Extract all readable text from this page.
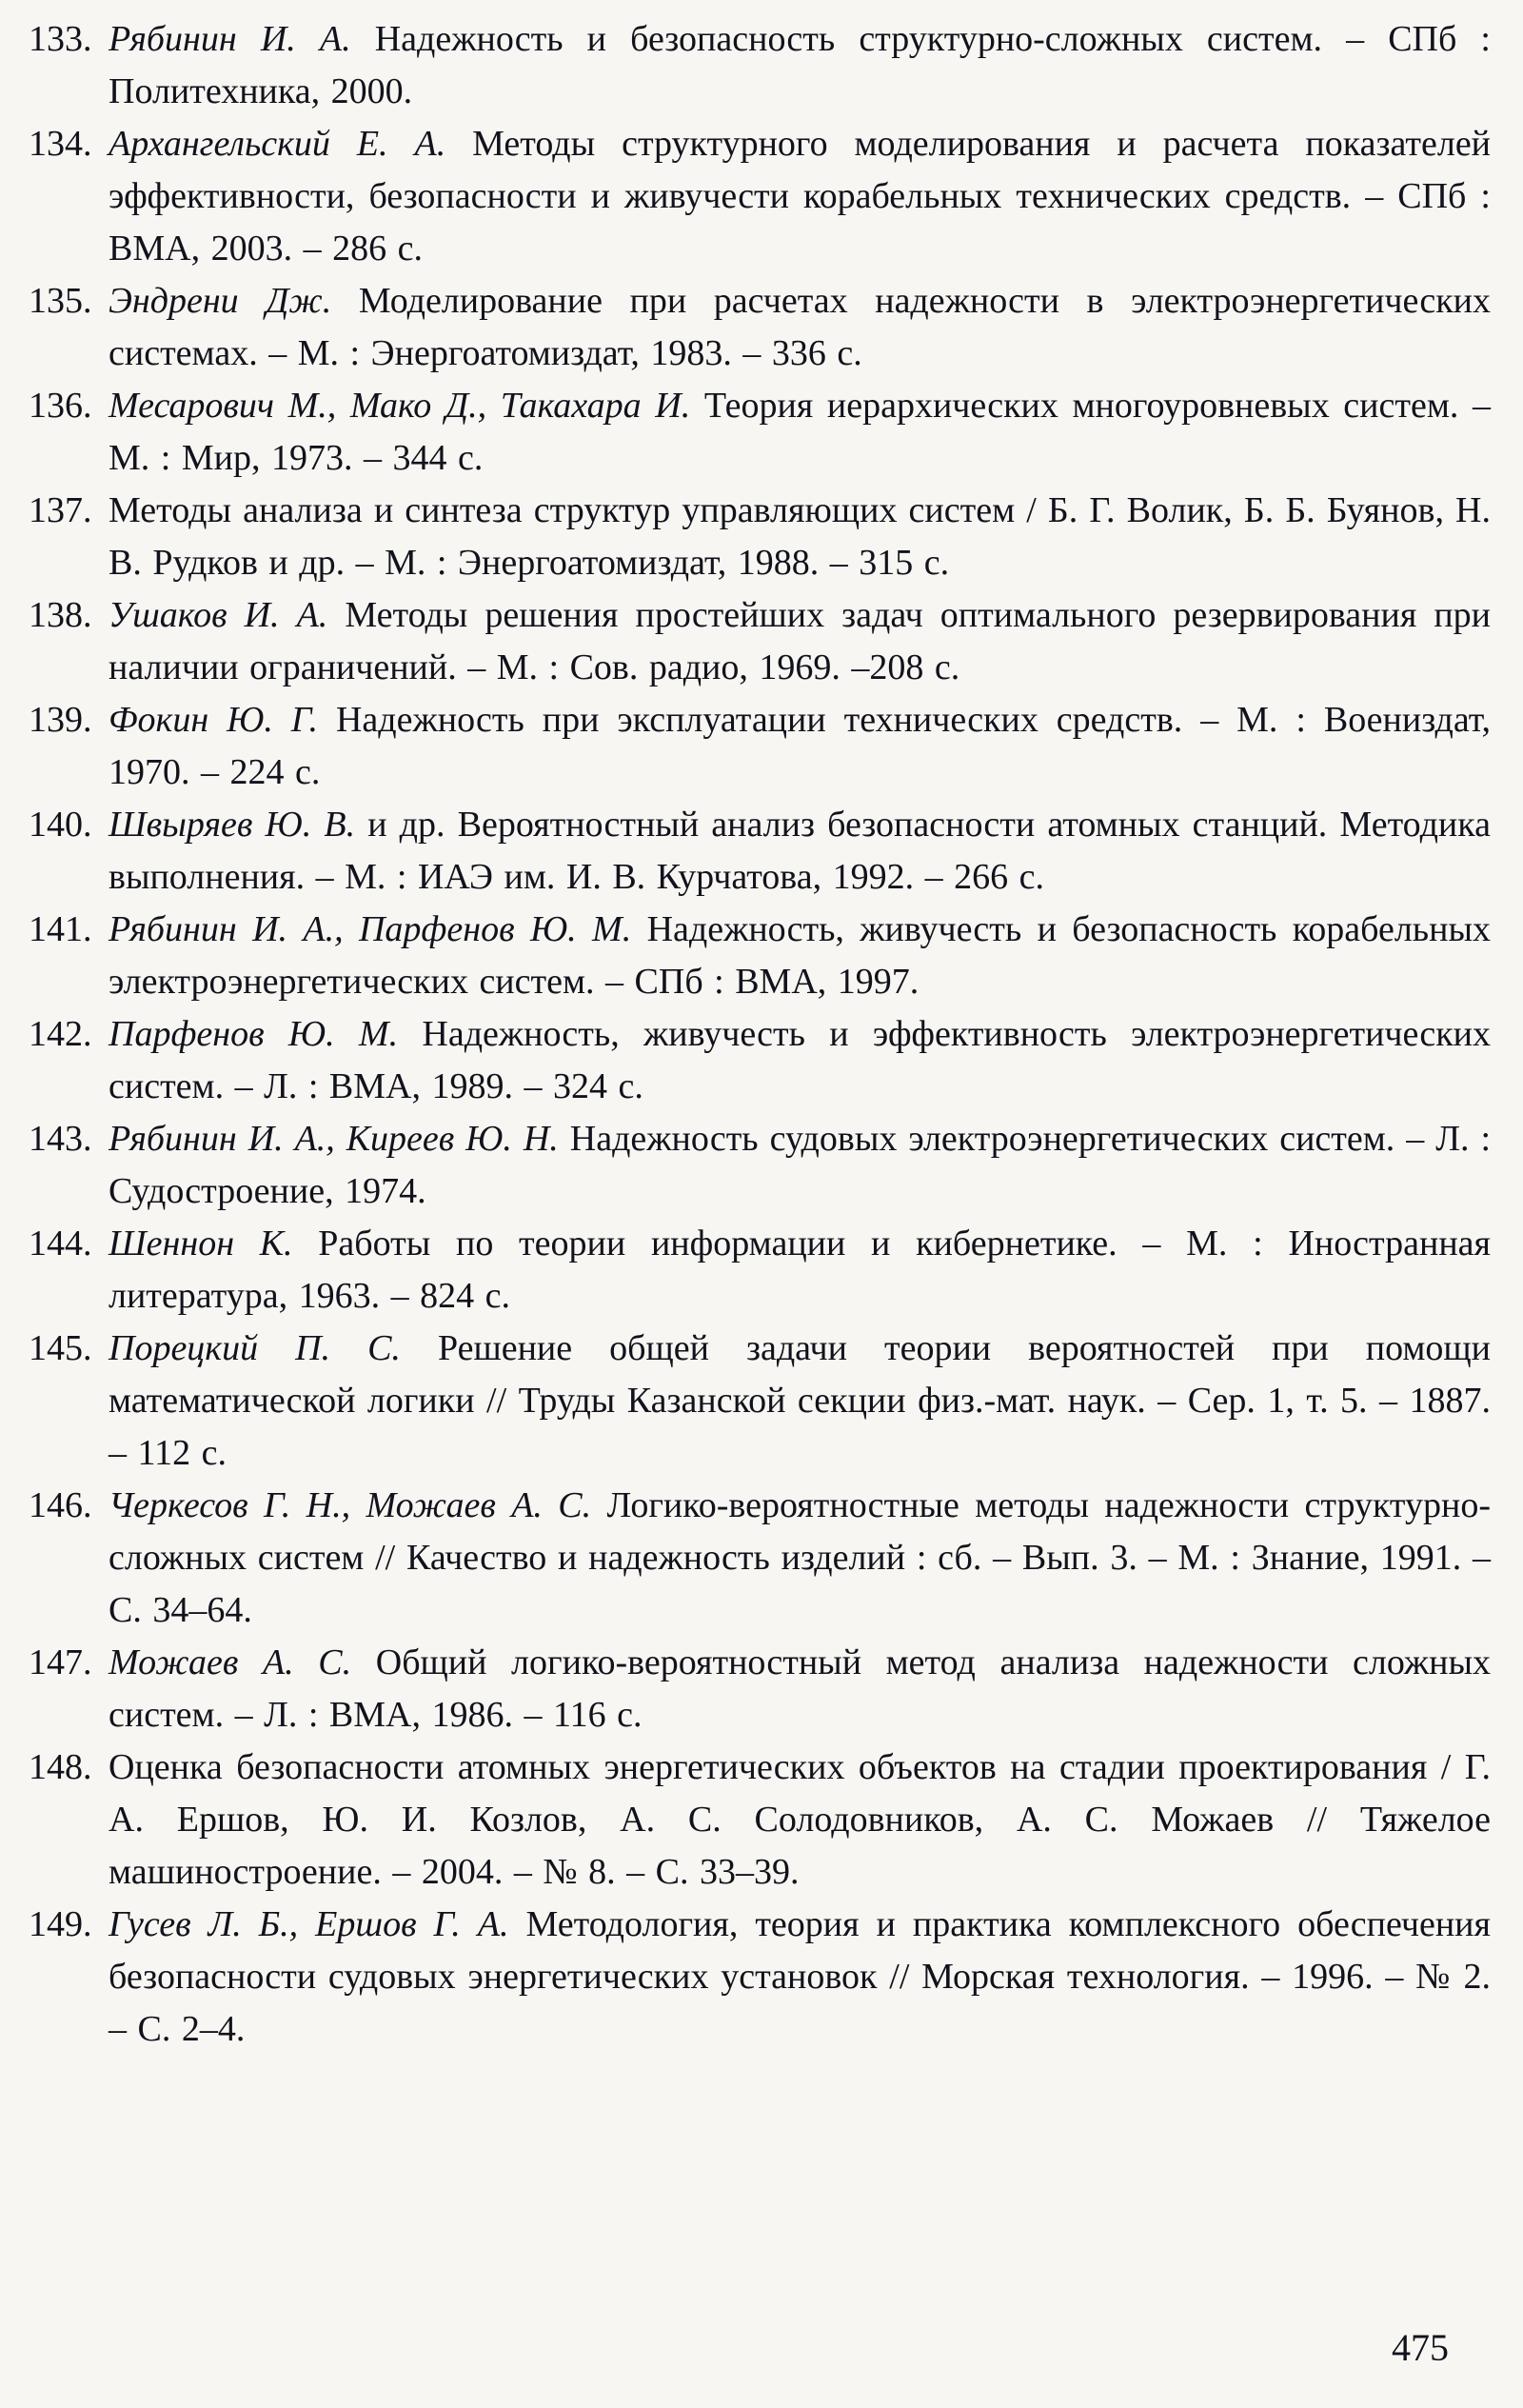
133. Рябинин И. А. Надежность и безопасность структурно-сложных систем. – СПб : Политехника, 2000.
134. Архангельский Е. А. Методы структурного моделирования и расчета показателей эффективности, безопасности и живучести корабельных технических средств. – СПб : ВМА, 2003. – 286 с.
135. Эндрени Дж. Моделирование при расчетах надежности в электроэнергетических системах. – М. : Энергоатомиздат, 1983. – 336 с.
136. Месарович М., Мако Д., Такахара И. Теория иерархических многоуровневых систем. – М. : Мир, 1973. – 344 с.
137. Методы анализа и синтеза структур управляющих систем / Б. Г. Волик, Б. Б. Буянов, Н. В. Рудков и др. – М. : Энергоатомиздат, 1988. – 315 с.
138. Ушаков И. А. Методы решения простейших задач оптимального резервирования при наличии ограничений. – М. : Сов. радио, 1969. –208 с.
139. Фокин Ю. Г. Надежность при эксплуатации технических средств. – М. : Воениздат, 1970. – 224 с.
140. Швыряев Ю. В. и др. Вероятностный анализ безопасности атомных станций. Методика выполнения. – М. : ИАЭ им. И. В. Курчатова, 1992. – 266 с.
141. Рябинин И. А., Парфенов Ю. М. Надежность, живучесть и безопасность корабельных электроэнергетических систем. – СПб : ВМА, 1997.
142. Парфенов Ю. М. Надежность, живучесть и эффективность электроэнергетических систем. – Л. : ВМА, 1989. – 324 с.
143. Рябинин И. А., Киреев Ю. Н. Надежность судовых электроэнергетических систем. – Л. : Судостроение, 1974.
144. Шеннон К. Работы по теории информации и кибернетике. – М. : Иностранная литература, 1963. – 824 с.
145. Порецкий П. С. Решение общей задачи теории вероятностей при помощи математической логики // Труды Казанской секции физ.-мат. наук. – Сер. 1, т. 5. – 1887. – 112 с.
146. Черкесов Г. Н., Можаев А. С. Логико-вероятностные методы надежности структурно-сложных систем // Качество и надежность изделий : сб. – Вып. 3. – М. : Знание, 1991. – С. 34–64.
147. Можаев А. С. Общий логико-вероятностный метод анализа надежности сложных систем. – Л. : ВМА, 1986. – 116 с.
148. Оценка безопасности атомных энергетических объектов на стадии проектирования / Г. А. Ершов, Ю. И. Козлов, А. С. Солодовников, А. С. Можаев // Тяжелое машиностроение. – 2004. – № 8. – С. 33–39.
149. Гусев Л. Б., Ершов Г. А. Методология, теория и практика комплексного обеспечения безопасности судовых энергетических установок // Морская технология. – 1996. – № 2. – С. 2–4.
475
